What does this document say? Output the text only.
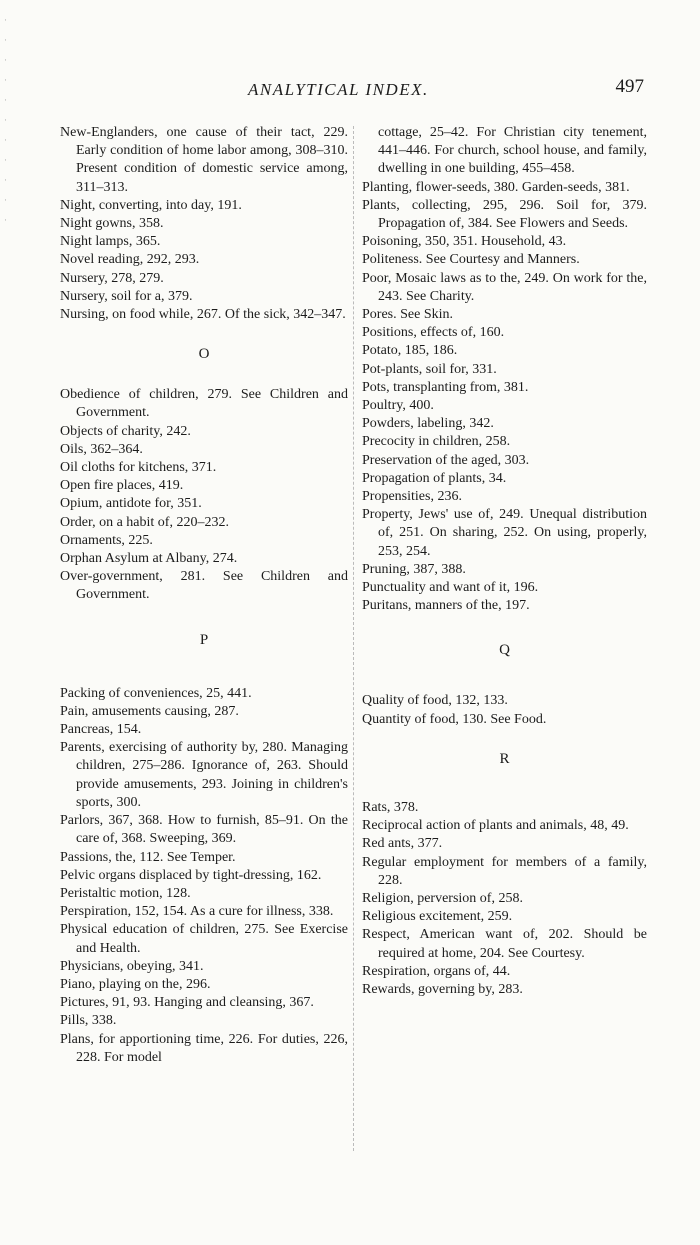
·
·
·
·
·
·
·
·
·
·
·
ANALYTICAL INDEX.	497
New-Englanders, one cause of their tact, 229. Early condition of home labor among, 308–310. Present condition of domestic service among, 311–313.
Night, converting, into day, 191.
Night gowns, 358.
Night lamps, 365.
Novel reading, 292, 293.
Nursery, 278, 279.
Nursery, soil for a, 379.
Nursing, on food while, 267. Of the sick, 342–347.
O
Obedience of children, 279. See Children and Government.
Objects of charity, 242.
Oils, 362–364.
Oil cloths for kitchens, 371.
Open fire places, 419.
Opium, antidote for, 351.
Order, on a habit of, 220–232.
Ornaments, 225.
Orphan Asylum at Albany, 274.
Over-government, 281. See Children and Government.
P
Packing of conveniences, 25, 441.
Pain, amusements causing, 287.
Pancreas, 154.
Parents, exercising of authority by, 280. Managing children, 275–286. Ignorance of, 263. Should provide amusements, 293. Joining in children's sports, 300.
Parlors, 367, 368. How to furnish, 85–91. On the care of, 368. Sweeping, 369.
Passions, the, 112. See Temper.
Pelvic organs displaced by tight-dressing, 162.
Peristaltic motion, 128.
Perspiration, 152, 154. As a cure for illness, 338.
Physical education of children, 275. See Exercise and Health.
Physicians, obeying, 341.
Piano, playing on the, 296.
Pictures, 91, 93. Hanging and cleansing, 367.
Pills, 338.
Plans, for apportioning time, 226. For duties, 226, 228. For model
cottage, 25–42. For Christian city tenement, 441–446. For church, school house, and family, dwelling in one building, 455–458.
Planting, flower-seeds, 380. Garden-seeds, 381.
Plants, collecting, 295, 296. Soil for, 379. Propagation of, 384. See Flowers and Seeds.
Poisoning, 350, 351. Household, 43.
Politeness. See Courtesy and Manners.
Poor, Mosaic laws as to the, 249. On work for the, 243. See Charity.
Pores. See Skin.
Positions, effects of, 160.
Potato, 185, 186.
Pot-plants, soil for, 331.
Pots, transplanting from, 381.
Poultry, 400.
Powders, labeling, 342.
Precocity in children, 258.
Preservation of the aged, 303.
Propagation of plants, 34.
Propensities, 236.
Property, Jews' use of, 249. Unequal distribution of, 251. On sharing, 252. On using, properly, 253, 254.
Pruning, 387, 388.
Punctuality and want of it, 196.
Puritans, manners of the, 197.
Q
Quality of food, 132, 133.
Quantity of food, 130. See Food.
R
Rats, 378.
Reciprocal action of plants and animals, 48, 49.
Red ants, 377.
Regular employment for members of a family, 228.
Religion, perversion of, 258.
Religious excitement, 259.
Respect, American want of, 202. Should be required at home, 204. See Courtesy.
Respiration, organs of, 44.
Rewards, governing by, 283.
